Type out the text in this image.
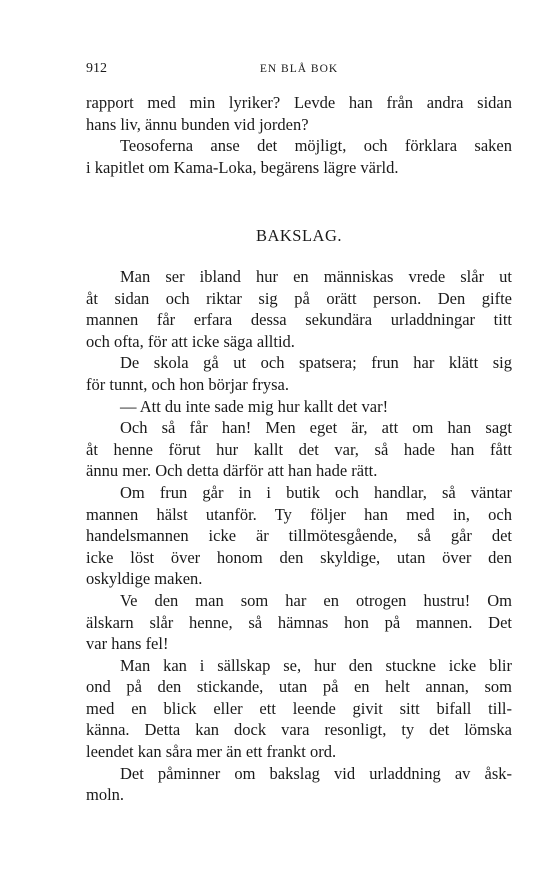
912	EN BLÅ BOK
rapport med min lyriker? Levde han från andra sidan
hans liv, ännu bunden vid jorden?
Teosoferna anse det möjligt, och förklara saken
i kapitlet om Kama-Loka, begärens lägre värld.
BAKSLAG.
Man ser ibland hur en människas vrede slår ut
åt sidan och riktar sig på orätt person. Den gifte
mannen får erfara dessa sekundära urladdningar titt
och ofta, för att icke säga alltid.
De skola gå ut och spatsera; frun har klätt sig
för tunnt, och hon börjar frysa.
— Att du inte sade mig hur kallt det var!
Och så får han! Men eget är, att om han sagt
åt henne förut hur kallt det var, så hade han fått
ännu mer. Och detta därför att han hade rätt.
Om frun går in i butik och handlar, så väntar
mannen hälst utanför. Ty följer han med in, och
handelsmannen icke är tillmötesgående, så går det
icke löst över honom den skyldige, utan över den
oskyldige maken.
Ve den man som har en otrogen hustru! Om
älskarn slår henne, så hämnas hon på mannen. Det
var hans fel!
Man kan i sällskap se, hur den stuckne icke blir
ond på den stickande, utan på en helt annan, som
med en blick eller ett leende givit sitt bifall till-
känna. Detta kan dock vara resonligt, ty det lömska
leendet kan såra mer än ett frankt ord.
Det påminner om bakslag vid urladdning av åsk-
moln.
